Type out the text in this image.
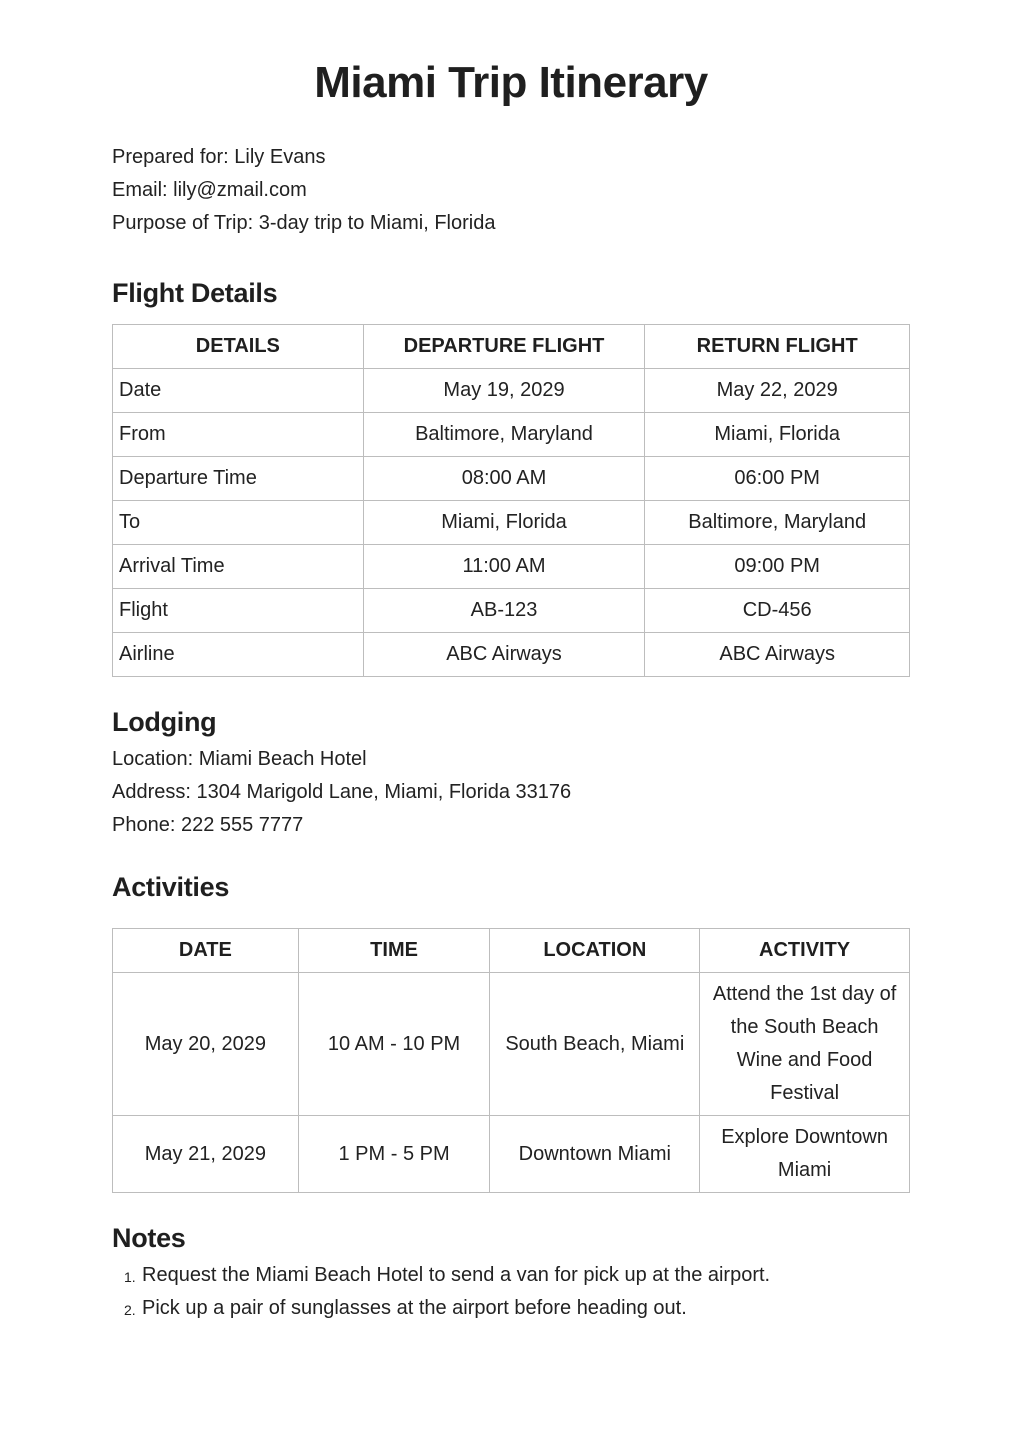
Miami Trip Itinerary

Prepared for: Lily Evans

Email: lily@zmail.com

Purpose of Trip: 3-day trip to Miami, Florida

Flight Details
DETAILS	DEPARTURE FLIGHT	RETURN FLIGHT
Date	May 19, 2029	May 22, 2029
From	Baltimore, Maryland	Miami, Florida
Departure Time	08:00 AM	06:00 PM
To	Miami, Florida	Baltimore, Maryland
Arrival Time	11:00 AM	09:00 PM
Flight	AB-123	CD-456
Airline	ABC Airways	ABC Airways
Lodging

Location: Miami Beach Hotel

Address: 1304 Marigold Lane, Miami, Florida 33176

Phone: 222 555 7777

Activities
DATE	TIME	LOCATION	ACTIVITY
May 20, 2029	10 AM - 10 PM	South Beach, Miami	Attend the 1st day of the South Beach Wine and Food Festival
May 21, 2029	1 PM - 5 PM	Downtown Miami	Explore Downtown Miami
Notes
1. Request the Miami Beach Hotel to send a van for pick up at the airport.
2. Pick up a pair of sunglasses at the airport before heading out.
